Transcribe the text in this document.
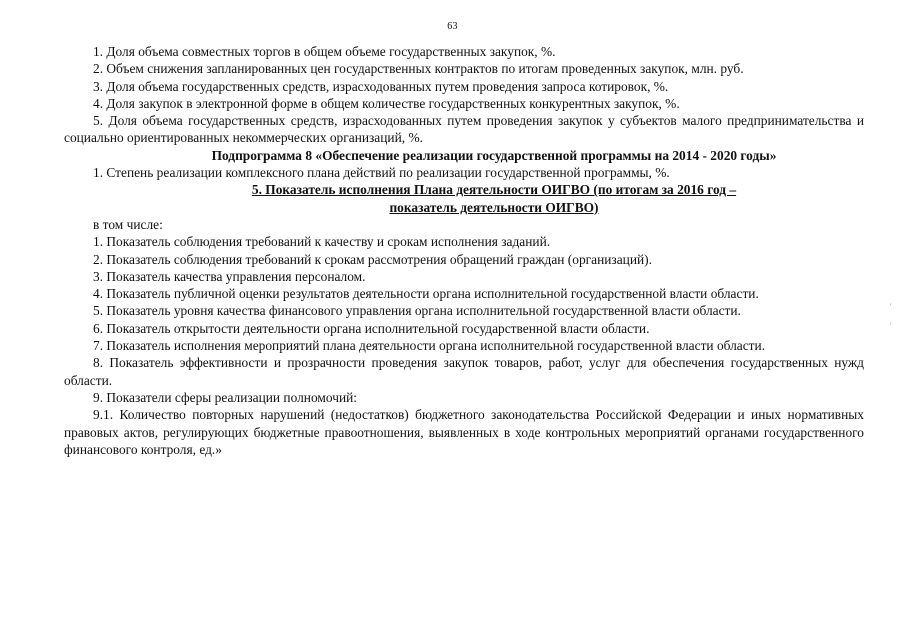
63

1. Доля объема совместных торгов в общем объеме государственных закупок, %.

2. Объем снижения запланированных цен государственных контрактов по итогам проведенных закупок, млн. руб.

3. Доля объема государственных средств, израсходованных путем проведения запроса котировок, %.

4. Доля закупок в электронной форме в общем количестве государственных конкурентных закупок, %.

5. Доля объема государственных средств, израсходованных путем проведения закупок у субъектов малого предпринимательства и социально ориентированных некоммерческих организаций, %.

Подпрограмма 8 «Обеспечение реализации государственной программы на 2014 - 2020 годы»

1. Степень реализации комплексного плана действий по реализации государственной программы, %.

5. Показатель исполнения Плана деятельности ОИГВО (по итогам за 2016 год –
показатель деятельности ОИГВО)

в том числе:

1. Показатель соблюдения требований к качеству и срокам исполнения заданий.

2. Показатель соблюдения требований к срокам рассмотрения обращений граждан (организаций).

3. Показатель качества управления персоналом.

4. Показатель публичной оценки результатов деятельности органа исполнительной государственной власти области.

5. Показатель уровня качества финансового управления органа исполнительной государственной власти области.

6. Показатель открытости деятельности органа исполнительной государственной власти области.

7. Показатель исполнения мероприятий плана деятельности органа исполнительной государственной власти области.

8. Показатель эффективности и прозрачности проведения закупок товаров, работ, услуг для обеспечения государственных нужд области.

9. Показатели сферы реализации полномочий:

9.1. Количество повторных нарушений (недостатков) бюджетного законодательства Российской Федерации и иных нормативных правовых актов, регулирующих бюджетные правоотношения, выявленных в ходе контрольных мероприятий органами государственного финансового контроля, ед.»

'
'
